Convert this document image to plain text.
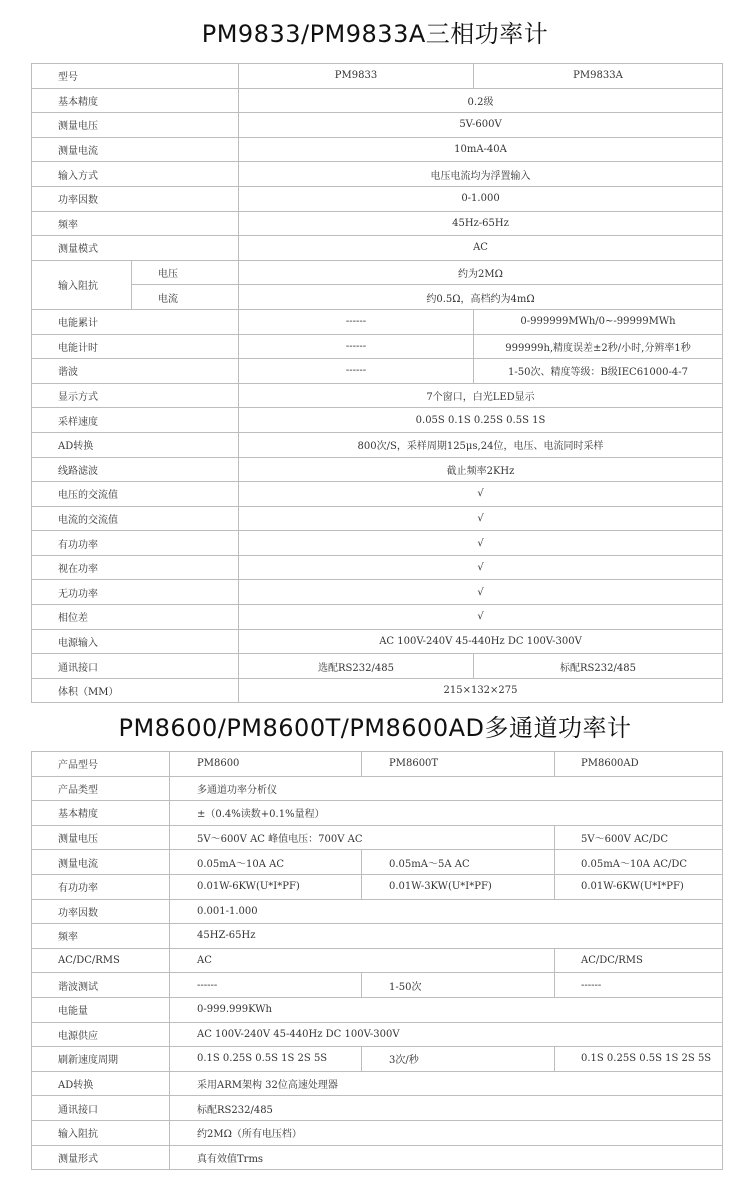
PM9833/PM9833A三相功率计
型号		PM9833	PM9833A
基本精度		0.2级	
测量电压		5V-600V	
测量电流		10mA-40A	
输入方式		电压电流均为浮置输入	
功率因数		0-1.000	
频率		45Hz-65Hz	
测量模式		AC	
输入阻抗	电压	约为2MΩ	
	电流	约0.5Ω，高档约为4mΩ	
电能累计		------	0-999999MWh/0~-99999MWh
电能计时		------	999999h,精度误差±2秒/小时,分辨率1秒
谐波		------	1-50次、精度等级：B级IEC61000-4-7
显示方式		7个窗口，白光LED显示	
采样速度		0.05S 0.1S 0.25S 0.5S 1S	
AD转换		800次/S，采样周期125μs,24位，电压、电流同时采样	
线路滤波		截止频率2KHz	
电压的交流值		√	
电流的交流值		√	
有功功率		√	
视在功率		√	
无功功率		√	
相位差		√	
电源输入		AC 100V-240V 45-440Hz DC 100V-300V	
通讯接口		选配RS232/485	标配RS232/485
体积（MM）		215×132×275	
PM8600/PM8600T/PM8600AD多通道功率计
产品型号	PM8600	PM8600T	PM8600AD
产品类型	多通道功率分析仪		
基本精度	±（0.4%读数+0.1%量程）		
测量电压	5V～600V AC 峰值电压：700V AC		5V～600V AC/DC
测量电流	0.05mA～10A AC	0.05mA～5A AC	0.05mA～10A AC/DC
有功功率	0.01W-6KW(U*I*PF)	0.01W-3KW(U*I*PF)	0.01W-6KW(U*I*PF)
功率因数	0.001-1.000		
频率	45HZ-65Hz		
AC/DC/RMS	AC		AC/DC/RMS
谐波测试	------	1-50次	------
电能量	0-999.999KWh		
电源供应	AC 100V-240V 45-440Hz DC 100V-300V		
刷新速度周期	0.1S 0.25S 0.5S 1S 2S 5S	3次/秒	0.1S 0.25S 0.5S 1S 2S 5S
AD转换	采用ARM架构 32位高速处理器		
通讯接口	标配RS232/485		
输入阻抗	约2MΩ（所有电压档）		
测量形式	真有效值Trms		
